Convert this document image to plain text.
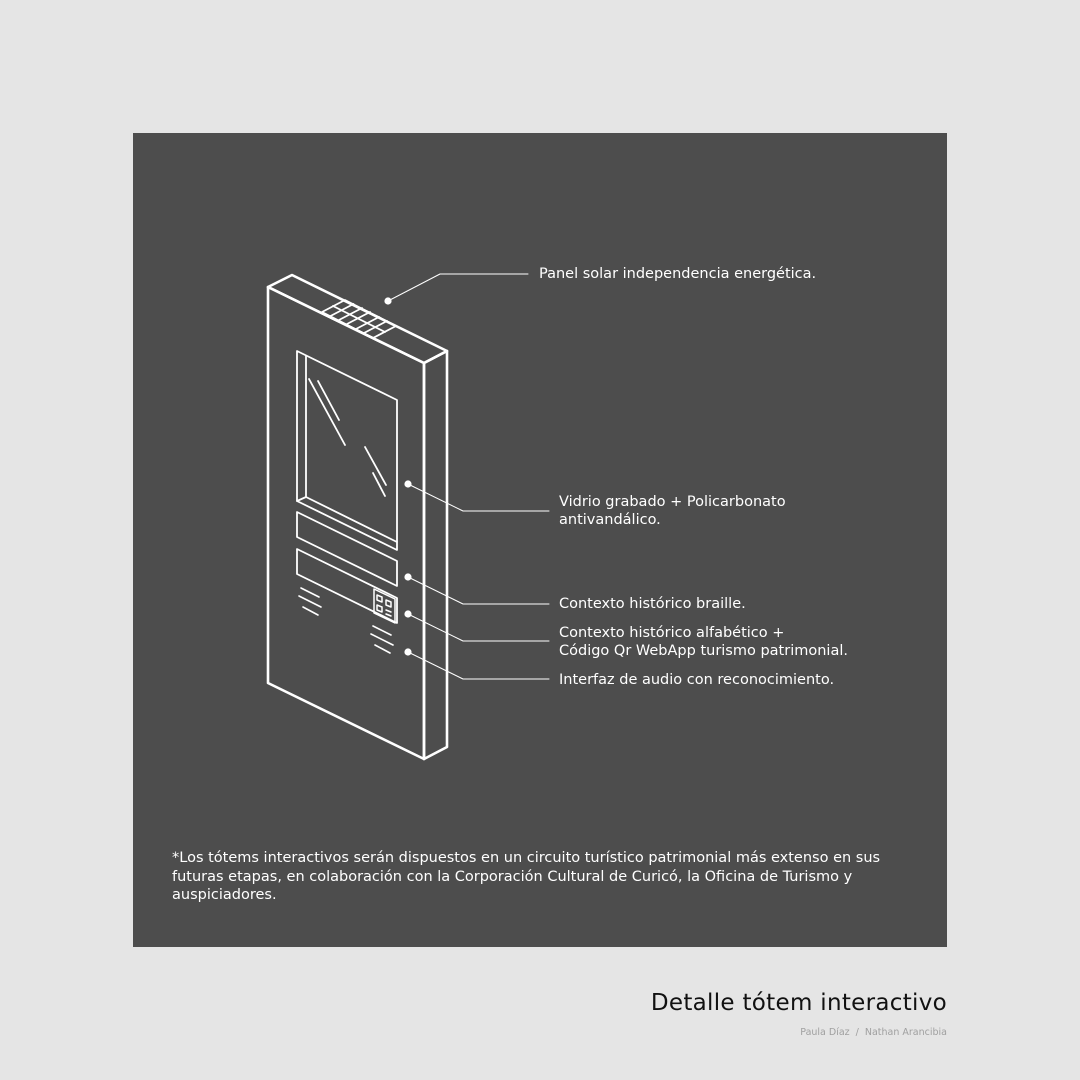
Panel solar independencia energética.
Vidrio grabado + Policarbonato
antivandálico.
Contexto histórico braille.
Contexto histórico alfabético +
Código Qr WebApp turismo patrimonial.
Interfaz de audio con reconocimiento.
*Los tótems interactivos serán dispuestos en un circuito turístico patrimonial más extenso en sus futuras etapas, en colaboración con la Corporación Cultural de Curicó, la Oficina de Turismo y auspiciadores.
Detalle tótem interactivo
Paula Díaz / Nathan Arancibia
